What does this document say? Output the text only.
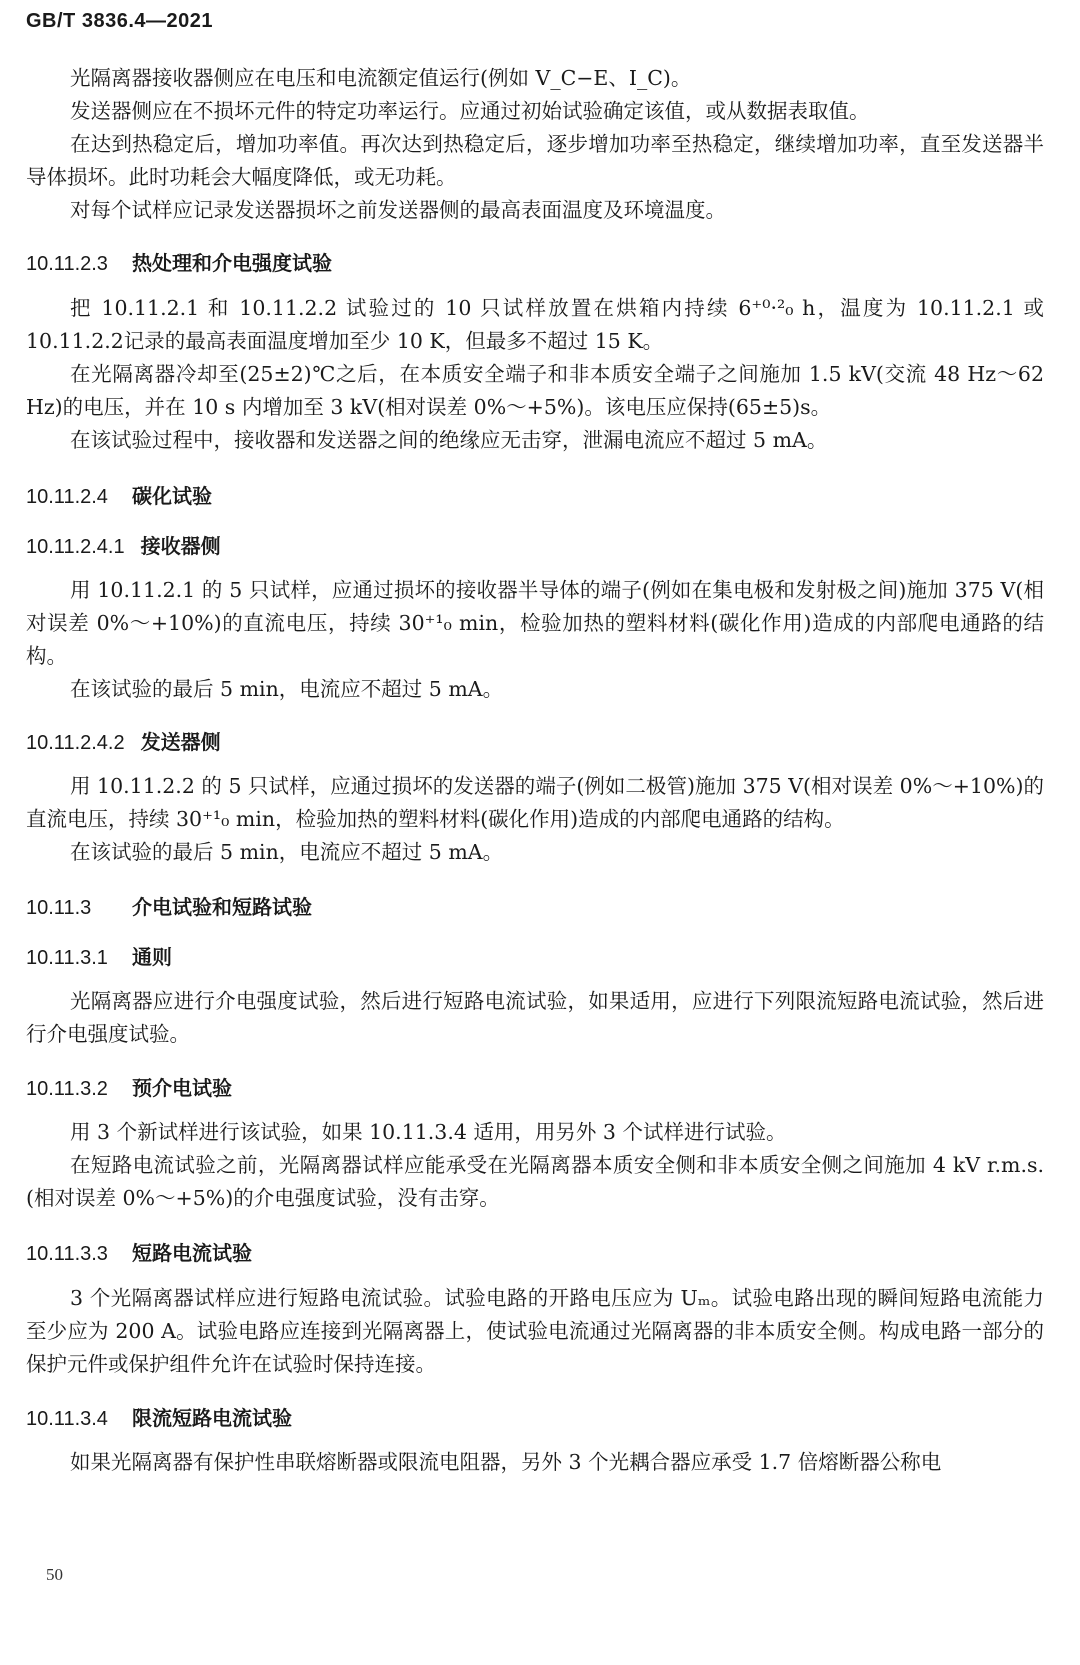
GB/T 3836.4—2021

光隔离器接收器侧应在电压和电流额定值运行(例如 V_C−E、I_C)。

发送器侧应在不损坏元件的特定功率运行。应通过初始试验确定该值，或从数据表取值。

在达到热稳定后，增加功率值。再次达到热稳定后，逐步增加功率至热稳定，继续增加功率，直至发送器半导体损坏。此时功耗会大幅度降低，或无功耗。

对每个试样应记录发送器损坏之前发送器侧的最高表面温度及环境温度。

10.11.2.3 热处理和介电强度试验

把 10.11.2.1 和 10.11.2.2 试验过的 10 只试样放置在烘箱内持续 6⁺⁰·²₀ h，温度为 10.11.2.1 或 10.11.2.2记录的最高表面温度增加至少 10 K，但最多不超过 15 K。

在光隔离器冷却至(25±2)℃之后，在本质安全端子和非本质安全端子之间施加 1.5 kV(交流 48 Hz～62 Hz)的电压，并在 10 s 内增加至 3 kV(相对误差 0%～+5%)。该电压应保持(65±5)s。

在该试验过程中，接收器和发送器之间的绝缘应无击穿，泄漏电流应不超过 5 mA。

10.11.2.4 碳化试验
10.11.2.4.1 接收器侧

用 10.11.2.1 的 5 只试样，应通过损坏的接收器半导体的端子(例如在集电极和发射极之间)施加 375 V(相对误差 0%～+10%)的直流电压，持续 30⁺¹₀ min，检验加热的塑料材料(碳化作用)造成的内部爬电通路的结构。

在该试验的最后 5 min，电流应不超过 5 mA。

10.11.2.4.2 发送器侧

用 10.11.2.2 的 5 只试样，应通过损坏的发送器的端子(例如二极管)施加 375 V(相对误差 0%～+10%)的直流电压，持续 30⁺¹₀ min，检验加热的塑料材料(碳化作用)造成的内部爬电通路的结构。

在该试验的最后 5 min，电流应不超过 5 mA。

10.11.3 介电试验和短路试验
10.11.3.1 通则

光隔离器应进行介电强度试验，然后进行短路电流试验，如果适用，应进行下列限流短路电流试验，然后进行介电强度试验。

10.11.3.2 预介电试验

用 3 个新试样进行该试验，如果 10.11.3.4 适用，用另外 3 个试样进行试验。

在短路电流试验之前，光隔离器试样应能承受在光隔离器本质安全侧和非本质安全侧之间施加 4 kV r.m.s.(相对误差 0%～+5%)的介电强度试验，没有击穿。

10.11.3.3 短路电流试验

3 个光隔离器试样应进行短路电流试验。试验电路的开路电压应为 Uₘ。试验电路出现的瞬间短路电流能力至少应为 200 A。试验电路应连接到光隔离器上，使试验电流通过光隔离器的非本质安全侧。构成电路一部分的保护元件或保护组件允许在试验时保持连接。

10.11.3.4 限流短路电流试验

如果光隔离器有保护性串联熔断器或限流电阻器，另外 3 个光耦合器应承受 1.7 倍熔断器公称电

50
